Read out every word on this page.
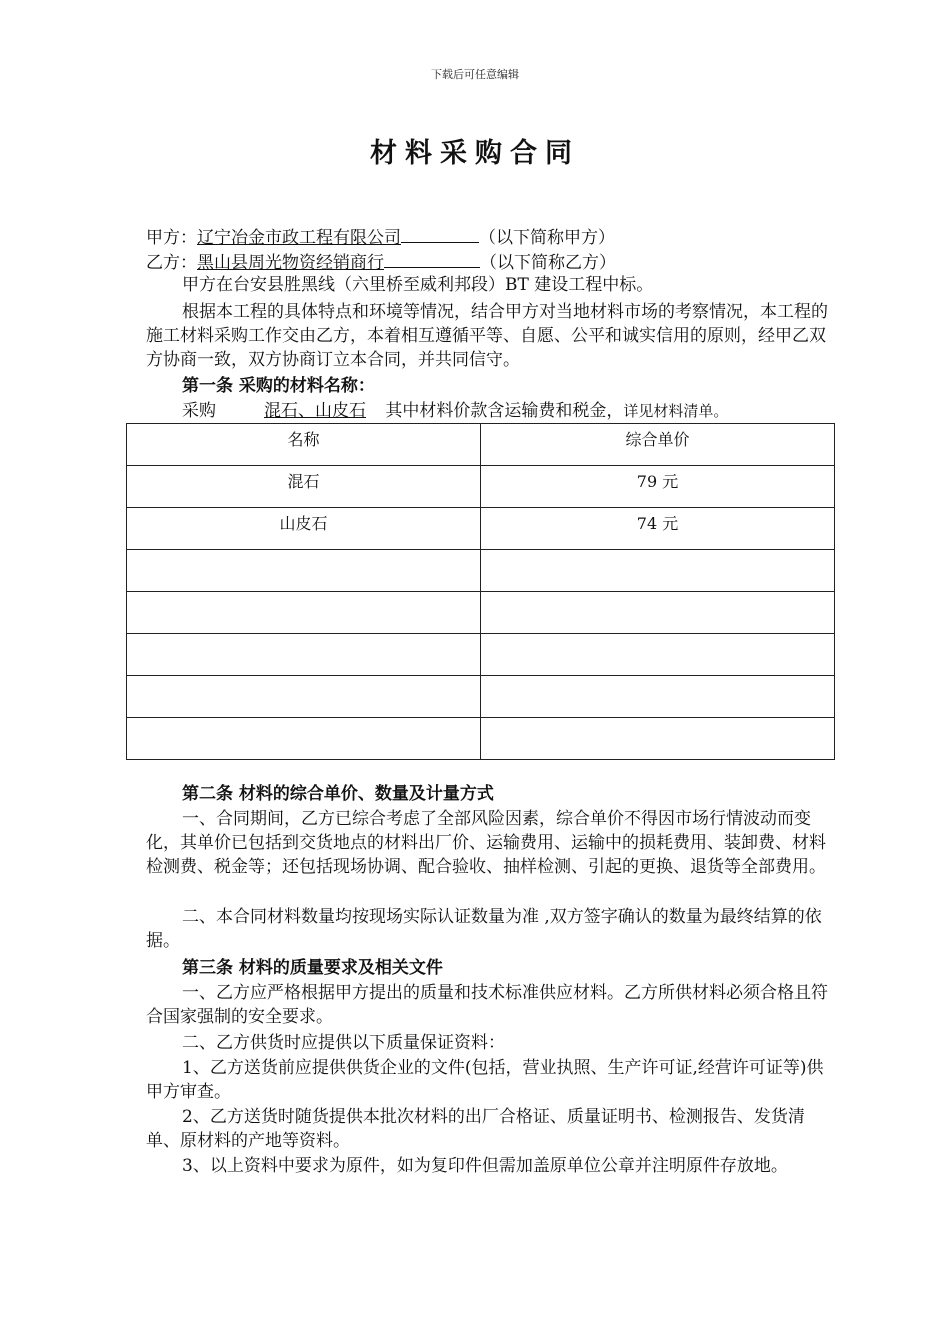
下载后可任意编辑
材料采购合同
甲方：辽宁冶金市政工程有限公司	（以下简称甲方）
乙方：黑山县周光物资经销商行	（以下简称乙方）
甲方在台安县胜黑线（六里桥至威利邦段）BT 建设工程中标。
根据本工程的具体特点和环境等情况，结合甲方对当地材料市场的考察情况，本工程的施工材料采购工作交由乙方，本着相互遵循平等、自愿、公平和诚实信用的原则，经甲乙双方协商一致，双方协商订立本合同，并共同信守。
第一条 采购的材料名称：
采购	混石、山皮石 其中材料价款含运输费和税金，详见材料清单。
名称	综合单价
混石	79 元
山皮石	74 元

第二条 材料的综合单价、数量及计量方式
一、合同期间，乙方已综合考虑了全部风险因素，综合单价不得因市场行情波动而变化，其单价已包括到交货地点的材料出厂价、运输费用、运输中的损耗费用、装卸费、材料检测费、税金等；还包括现场协调、配合验收、抽样检测、引起的更换、退货等全部费用。
二、本合同材料数量均按现场实际认证数量为准 ,双方签字确认的数量为最终结算的依据。
第三条 材料的质量要求及相关文件
一、乙方应严格根据甲方提出的质量和技术标准供应材料。乙方所供材料必须合格且符合国家强制的安全要求。
二、乙方供货时应提供以下质量保证资料：
1、乙方送货前应提供供货企业的文件(包括，营业执照、生产许可证,经营许可证等)供甲方审查。
2、乙方送货时随货提供本批次材料的出厂合格证、质量证明书、检测报告、发货清单、原材料的产地等资料。
3、以上资料中要求为原件，如为复印件但需加盖原单位公章并注明原件存放地。
